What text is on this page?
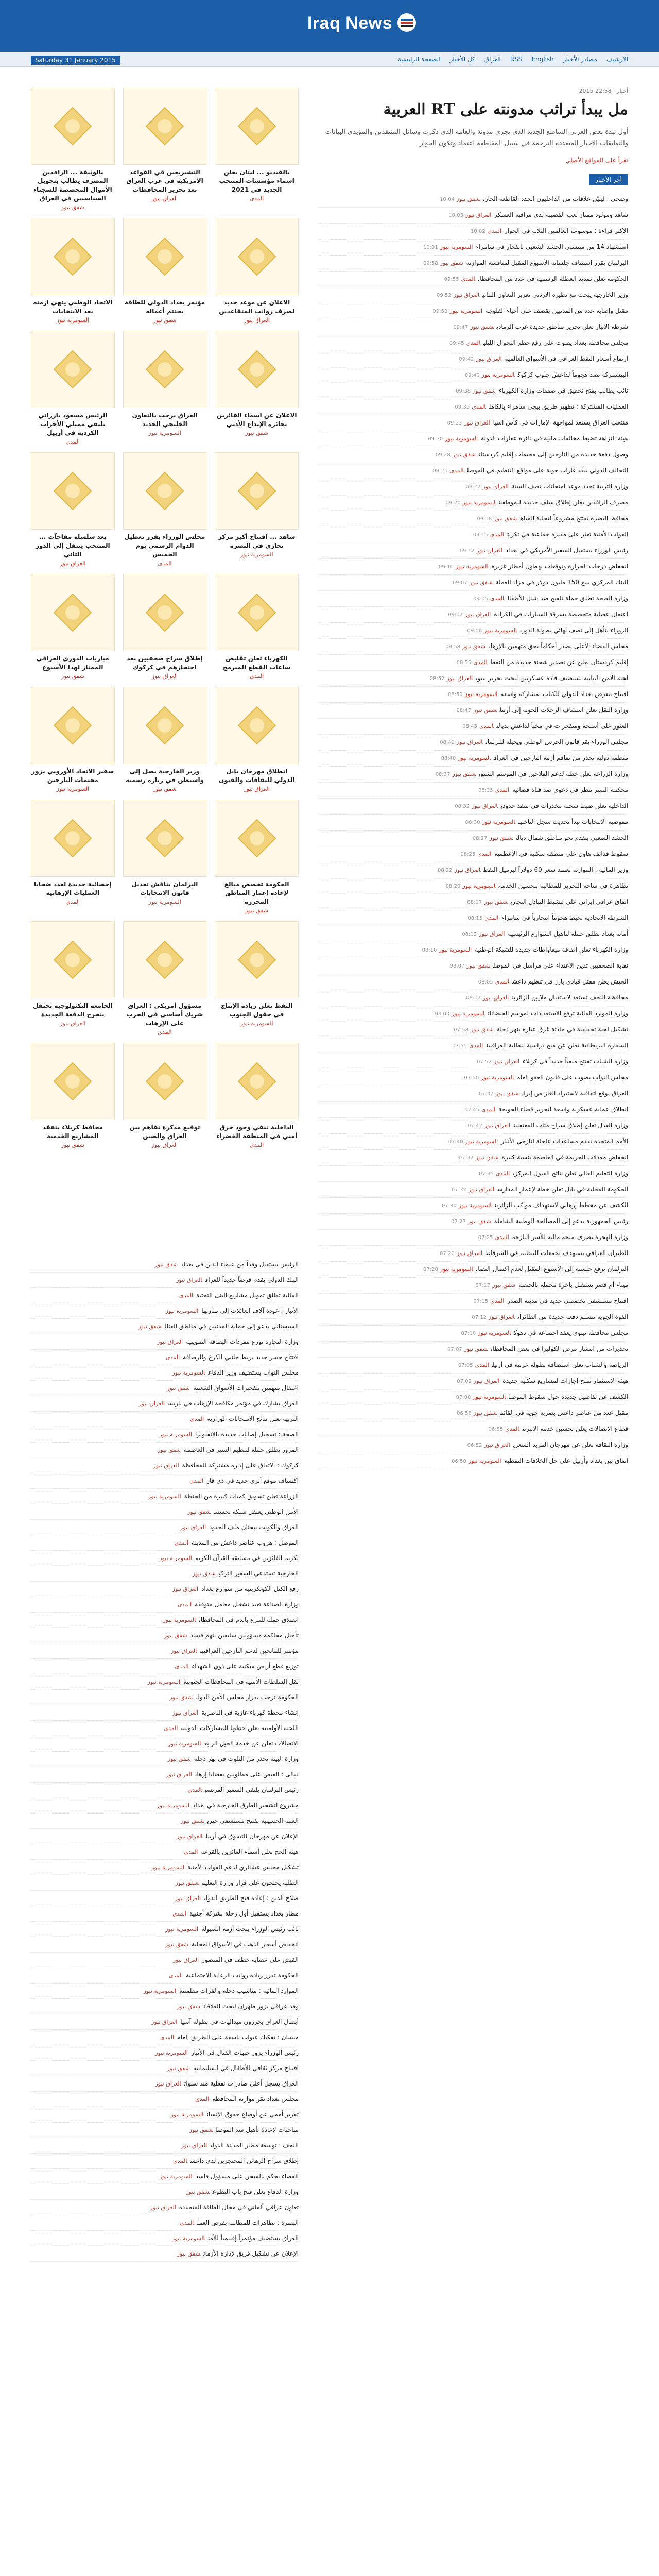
Iraq News
Saturday 31 January 2015	الصفحة الرئيسية كل الأخبار العراق RSS English مصادر الأخبار الارشيف
أخبار · 22:58 2015
مل يبدأ تراثب مدونته على RT العربية

أول نبذة بعض العربي الساطع الجديد الذي يجري مدونة والعامة الذي ذكرت وسائل المنتقدين والمؤيدي البيانات والتعليقات الاخبار المتعددة الترجمة في سبيل المقاطعة اعتماد وتكون الحوار

تقرأ على المواقع الأصلي
أخر الأخبار
وضحى : ليبيّن علاقات من الداحليون الجدد القاطعة الحارثشفق نيوز10:04
شاهد ومولود ممتاز لعب القصيبة لدى مراقبة العسكرالعراق نيوز10:03
الاكثر قراءة : موسوعة العالمين الثلاثة في الحوارالمدى10:02
استشهاد 14 من منتسبي الحشد الشعبي بانفجار في سامراءالسومرية نيوز10:01
البرلمان يقرر استئناف جلساته الأسبوع المقبل لمناقشة الموازنةشفق نيوز09:58
الحكومة تعلن تمديد العطلة الرسمية في عدد من المحافظاتالمدى09:55
وزير الخارجية يبحث مع نظيره الأردني تعزيز التعاون الثنائيالعراق نيوز09:52
مقتل وإصابة عدد من المدنيين بقصف على أحياء الفلوجةالسومرية نيوز09:50
شرطة الأنبار تعلن تحرير مناطق جديدة غرب الرماديشفق نيوز09:47
مجلس محافظة بغداد يصوت على رفع حظر التجوال الليليالمدى09:45
ارتفاع أسعار النفط العراقي في الأسواق العالميةالعراق نيوز09:42
البيشمركة تصد هجوماً لداعش جنوب كركوكالسومرية نيوز09:40
نائب يطالب بفتح تحقيق في صفقات وزارة الكهرباءشفق نيوز09:38
العمليات المشتركة : تطهير طريق بيجي سامراء بالكاملالمدى09:35
منتخب العراق يستعد لمواجهة الإمارات في كأس آسياالعراق نيوز09:33
هيئة النزاهة تضبط مخالفات مالية في دائرة عقارات الدولةالسومرية نيوز09:30
وصول دفعة جديدة من النازحين إلى مخيمات إقليم كردستانشفق نيوز09:28
التحالف الدولي ينفذ غارات جوية على مواقع التنظيم في الموصلالمدى09:25
وزارة التربية تحدد موعد امتحانات نصف السنةالعراق نيوز09:22
مصرف الرافدين يعلن إطلاق سلف جديدة للموظفينالسومرية نيوز09:20
محافظ البصرة يفتتح مشروعاً لتحلية المياهشفق نيوز09:18
القوات الأمنية تعثر على مقبرة جماعية في تكريتالمدى09:15
رئيس الوزراء يستقبل السفير الأمريكي في بغدادالعراق نيوز09:12
انخفاض درجات الحرارة وتوقعات بهطول أمطار غزيرةالسومرية نيوز09:10
البنك المركزي يبيع 150 مليون دولار في مزاد العملةشفق نيوز09:07
وزارة الصحة تطلق حملة تلقيح ضد شلل الأطفالالمدى09:05
اعتقال عصابة متخصصة بسرقة السيارات في الكرادةالعراق نيوز09:02
الزوراء يتأهل إلى نصف نهائي بطولة الدوريالسومرية نيوز09:00
مجلس القضاء الأعلى يصدر أحكاماً بحق متهمين بالإرهابشفق نيوز08:58
إقليم كردستان يعلن عن تصدير شحنة جديدة من النفطالمدى08:55
لجنة الأمن النيابية تستضيف قادة عسكريين لبحث تحرير نينوىالعراق نيوز08:52
افتتاح معرض بغداد الدولي للكتاب بمشاركة واسعةالسومرية نيوز08:50
وزارة النقل تعلن استئناف الرحلات الجوية إلى أربيلشفق نيوز08:47
العثور على أسلحة ومتفجرات في مخبأ لداعش بديالىالمدى08:45
مجلس الوزراء يقر قانون الحرس الوطني ويحيله للبرلمانالعراق نيوز08:42
منظمة دولية تحذر من تفاقم أزمة النازحين في العراقالسومرية نيوز08:40
وزارة الزراعة تعلن خطة لدعم الفلاحين في الموسم الشتويشفق نيوز08:37
محكمة النشر تنظر في دعوى ضد قناة فضائيةالمدى08:35
الداخلية تعلن ضبط شحنة مخدرات في منفذ حدوديالعراق نيوز08:32
مفوضية الانتخابات تبدأ تحديث سجل الناخبينالسومرية نيوز08:30
الحشد الشعبي يتقدم نحو مناطق شمال ديالىشفق نيوز08:27
سقوط قذائف هاون على منطقة سكنية في الأعظميةالمدى08:25
وزير المالية : الموازنة تعتمد سعر 60 دولاراً لبرميل النفطالعراق نيوز08:22
تظاهرة في ساحة التحرير للمطالبة بتحسين الخدماتالسومرية نيوز08:20
اتفاق عراقي إيراني على تنشيط التبادل التجاريشفق نيوز08:17
الشرطة الاتحادية تحبط هجوماً انتحارياً في سامراءالمدى08:15
أمانة بغداد تطلق حملة لتأهيل الشوارع الرئيسيةالعراق نيوز08:12
وزارة الكهرباء تعلن إضافة ميغاواطات جديدة للشبكة الوطنيةالسومرية نيوز08:10
نقابة الصحفيين تدين الاعتداء على مراسل في الموصلشفق نيوز08:07
الجيش يعلن مقتل قيادي بارز في تنظيم داعشالمدى08:05
محافظة النجف تستعد لاستقبال ملايين الزائرينالعراق نيوز08:02
وزارة الموارد المائية ترفع الاستعدادات لموسم الفيضاناتالسومرية نيوز08:00
تشكيل لجنة تحقيقية في حادثة غرق عبارة بنهر دجلةشفق نيوز07:58
السفارة البريطانية تعلن عن منح دراسية للطلبة العراقيينالمدى07:55
وزارة الشباب تفتتح ملعباً جديداً في كربلاءالعراق نيوز07:52
مجلس النواب يصوت على قانون العفو العامالسومرية نيوز07:50
العراق يوقع اتفاقية لاستيراد الغاز من إيرانشفق نيوز07:47
انطلاق عملية عسكرية واسعة لتحرير قضاء الحويجةالمدى07:45
وزارة العدل تعلن إطلاق سراح مئات المعتقلينالعراق نيوز07:42
الأمم المتحدة تقدم مساعدات عاجلة لنازحي الأنبارالسومرية نيوز07:40
انخفاض معدلات الجريمة في العاصمة بنسبة كبيرةشفق نيوز07:37
وزارة التعليم العالي تعلن نتائج القبول المركزيالمدى07:35
الحكومة المحلية في بابل تعلن خطة لإعمار المدارسالعراق نيوز07:32
الكشف عن مخطط إرهابي لاستهداف مواكب الزائرينالسومرية نيوز07:30
رئيس الجمهورية يدعو إلى المصالحة الوطنية الشاملةشفق نيوز07:27
وزارة الهجرة تصرف منحة مالية للأسر النازحةالمدى07:25
الطيران العراقي يستهدف تجمعات للتنظيم في الشرقاطالعراق نيوز07:22
البرلمان يرفع جلسته إلى الأسبوع المقبل لعدم اكتمال النصابالسومرية نيوز07:20
ميناء أم قصر يستقبل باخرة محملة بالحنطةشفق نيوز07:17
افتتاح مستشفى تخصصي جديد في مدينة الصدرالمدى07:15
القوة الجوية تتسلم دفعة جديدة من الطائراتالعراق نيوز07:12
مجلس محافظة نينوى يعقد اجتماعه في دهوكالسومرية نيوز07:10
تحذيرات من انتشار مرض الكوليرا في بعض المحافظاتشفق نيوز07:07
الرياضة والشباب تعلن استضافة بطولة عربية في أربيلالمدى07:05
هيئة الاستثمار تمنح إجازات لمشاريع سكنية جديدةالعراق نيوز07:02
الكشف عن تفاصيل جديدة حول سقوط الموصلالسومرية نيوز07:00
مقتل عدد من عناصر داعش بضربة جوية في القائمشفق نيوز06:58
قطاع الاتصالات يعلن تحسين خدمة الانترنتالمدى06:55
وزارة الثقافة تعلن عن مهرجان المربد الشعريالعراق نيوز06:52
اتفاق بين بغداد وأربيل على حل الخلافات النفطيةالسومرية نيوز06:50
بالوثيقة ... الرافدين المصرف يطالب بتحويل الأموال المخصصة للسجناء السياسيين في العراق
شفق نيوز
التشيريعين في القواعد الأمريكية في غرب العراق بعد تحرير المحافظات
العراق نيوز
بالفيديو ... لبنان يعلن اسماء مؤسسات المنتخب الجديد في 2021
المدى
الاتحاد الوطني ينهي ازمته بعد الانتخابات
السومرية نيوز
مؤتمر بغداد الدولي للطاقة يختتم أعماله
شفق نيوز
الاعلان عن موعد جديد لصرف رواتب المتقاعدين
العراق نيوز
الرئيس مسعود بارزاني يلتقي ممثلي الأحزاب الكردية في أربيل
المدى
العراق يرحب بالتعاون الخليجي الجديد
السومرية نيوز
الاعلان عن اسماء الفائزين بجائزة الإبداع الأدبي
شفق نيوز
بعد سلسلة مفاجآت ... المنتخب ينتقل إلى الدور الثاني
العراق نيوز
مجلس الوزراء يقرر تعطيل الدوام الرسمي يوم الخميس
المدى
شاهد ... افتتاح أكبر مركز تجاري في البصرة
السومرية نيوز
مباريات الدوري العراقي الممتاز لهذا الأسبوع
شفق نيوز
إطلاق سراح صحفيين بعد احتجازهم في كركوك
العراق نيوز
الكهرباء تعلن تقليص ساعات القطع المبرمج
المدى
سفير الاتحاد الأوروبي يزور مخيمات النازحين
السومرية نيوز
وزير الخارجية يصل إلى واشنطن في زيارة رسمية
شفق نيوز
انطلاق مهرجان بابل الدولي للثقافات والفنون
العراق نيوز
إحصائية جديدة لعدد ضحايا العمليات الإرهابية
المدى
البرلمان يناقش تعديل قانون الانتخابات
السومرية نيوز
الحكومة تخصص مبالغ لإعادة إعمار المناطق المحررة
شفق نيوز
الجامعة التكنولوجية تحتفل بتخرج الدفعة الجديدة
العراق نيوز
مسؤول أمريكي : العراق شريك أساسي في الحرب على الإرهاب
المدى
النفط تعلن زيادة الإنتاج في حقول الجنوب
السومرية نيوز
محافظ كربلاء يتفقد المشاريع الخدمية
شفق نيوز
توقيع مذكرة تفاهم بين العراق والصين
العراق نيوز
الداخلية تنفي وجود خرق أمني في المنطقة الخضراء
المدى
الرئيس يستقبل وفداً من علماء الدين في بغدادشفق نيوز
البنك الدولي يقدم قرضاً جديداً للعراقالعراق نيوز
المالية تطلق تمويل مشاريع البنى التحتيةالمدى
الأنبار : عودة آلاف العائلات إلى منازلهاالسومرية نيوز
السيستاني يدعو إلى حماية المدنيين في مناطق القتالشفق نيوز
وزارة التجارة توزع مفردات البطاقة التموينيةالعراق نيوز
افتتاح جسر جديد يربط جانبي الكرخ والرصافةالمدى
مجلس النواب يستضيف وزير الدفاعالسومرية نيوز
اعتقال متهمين بتفجيرات الأسواق الشعبيةشفق نيوز
العراق يشارك في مؤتمر مكافحة الإرهاب في باريسالعراق نيوز
التربية تعلن نتائج الامتحانات الوزاريةالمدى
الصحة : تسجيل إصابات جديدة بالانفلونزاالسومرية نيوز
المرور تطلق حملة لتنظيم السير في العاصمةشفق نيوز
كركوك : الاتفاق على إدارة مشتركة للمحافظةالعراق نيوز
اكتشاف موقع أثري جديد في ذي قارالمدى
الزراعة تعلن تسويق كميات كبيرة من الحنطةالسومرية نيوز
الأمن الوطني يعتقل شبكة تجسسشفق نيوز
العراق والكويت يبحثان ملف الحدودالعراق نيوز
الموصل : هروب عناصر داعش من المدينةالمدى
تكريم الفائزين في مسابقة القرآن الكريمالسومرية نيوز
الخارجية تستدعي السفير التركيشفق نيوز
رفع الكتل الكونكريتية من شوارع بغدادالعراق نيوز
وزارة الصناعة تعيد تشغيل معامل متوقفةالمدى
انطلاق حملة للتبرع بالدم في المحافظاتالسومرية نيوز
تأجيل محاكمة مسؤولين سابقين بتهم فسادشفق نيوز
مؤتمر للمانحين لدعم النازحين العراقيينالعراق نيوز
توزيع قطع أراض سكنية على ذوي الشهداءالمدى
نقل السلطات الأمنية في المحافظات الجنوبيةالسومرية نيوز
الحكومة ترحب بقرار مجلس الأمن الدوليشفق نيوز
إنشاء محطة كهرباء غازية في الناصريةالعراق نيوز
اللجنة الأولمبية تعلن خطتها للمشاركات الدوليةالمدى
الاتصالات تعلن عن خدمة الجيل الرابعالسومرية نيوز
وزارة البيئة تحذر من التلوث في نهر دجلةشفق نيوز
ديالى : القبض على مطلوبين بقضايا إرهابالعراق نيوز
رئيس البرلمان يلتقي السفير الفرنسيالمدى
مشروع لتشجير الطرق الخارجية في بغدادالسومرية نيوز
العتبة الحسينية تفتتح مستشفى خيريشفق نيوز
الإعلان عن مهرجان للتسوق في أربيلالعراق نيوز
هيئة الحج تعلن أسماء الفائزين بالقرعةالمدى
تشكيل مجلس عشائري لدعم القوات الأمنيةالسومرية نيوز
الطلبة يحتجون على قرار وزارة التعليمشفق نيوز
صلاح الدين : إعادة فتح الطريق الدوليالعراق نيوز
مطار بغداد يستقبل أول رحلة لشركة أجنبيةالمدى
نائب رئيس الوزراء يبحث أزمة السيولةالسومرية نيوز
انخفاض أسعار الذهب في الأسواق المحليةشفق نيوز
القبض على عصابة خطف في المنصورالعراق نيوز
الحكومة تقرر زيادة رواتب الرعاية الاجتماعيةالمدى
الموارد المائية : مناسيب دجلة والفرات مطمئنةالسومرية نيوز
وفد عراقي يزور طهران لبحث العلاقاتشفق نيوز
أبطال العراق يحرزون ميداليات في بطولة آسياالعراق نيوز
ميسان : تفكيك عبوات ناسفة على الطريق العامالمدى
رئيس الوزراء يزور جبهات القتال في الأنبارالسومرية نيوز
افتتاح مركز ثقافي للأطفال في السليمانيةشفق نيوز
العراق يسجل أعلى صادرات نفطية منذ سنواتالعراق نيوز
مجلس بغداد يقر موازنة المحافظةالمدى
تقرير أممي عن أوضاع حقوق الإنسانالسومرية نيوز
مباحثات لإعادة تأهيل سد الموصلشفق نيوز
النجف : توسعة مطار المدينة الدوليالعراق نيوز
إطلاق سراح الرهائن المحتجزين لدى داعشالمدى
القضاء يحكم بالسجن على مسؤول فاسدالسومرية نيوز
وزارة الدفاع تعلن فتح باب التطوعشفق نيوز
تعاون عراقي ألماني في مجال الطاقة المتجددةالعراق نيوز
البصرة : تظاهرات للمطالبة بفرص العملالمدى
العراق يستضيف مؤتمراً إقليمياً للأمنالسومرية نيوز
الإعلان عن تشكيل فريق لإدارة الأزماتشفق نيوز
